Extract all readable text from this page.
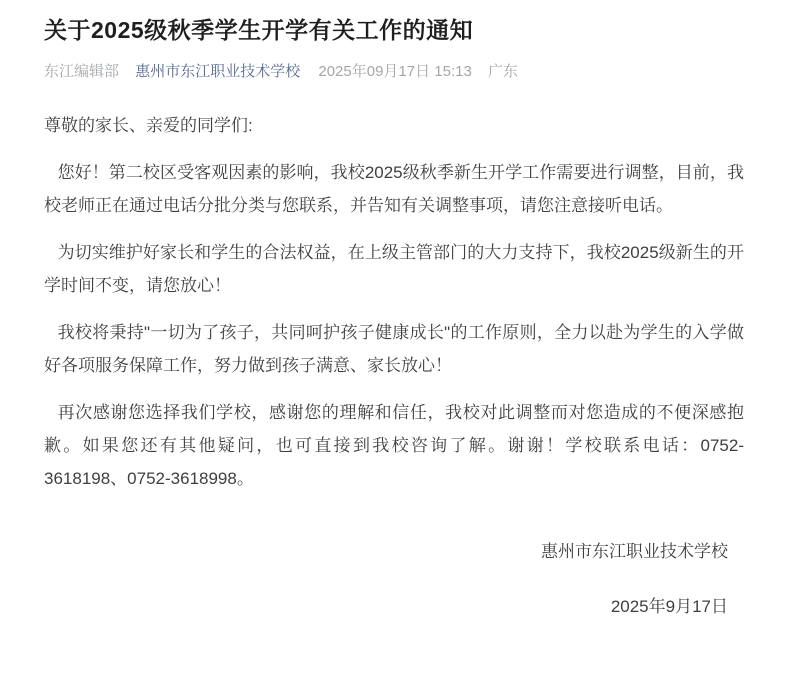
关于2025级秋季学生开学有关工作的通知
东江编辑部 惠州市东江职业技术学校 2025年09月17日 15:13 广东

尊敬的家长、亲爱的同学们:

您好！第二校区受客观因素的影响，我校2025级秋季新生开学工作需要进行调整，目前，我校老师正在通过电话分批分类与您联系，并告知有关调整事项，请您注意接听电话。

为切实维护好家长和学生的合法权益，在上级主管部门的大力支持下，我校2025级新生的开学时间不变，请您放心！

我校将秉持"一切为了孩子，共同呵护孩子健康成长"的工作原则，全力以赴为学生的入学做好各项服务保障工作，努力做到孩子满意、家长放心！

再次感谢您选择我们学校，感谢您的理解和信任，我校对此调整而对您造成的不便深感抱歉。如果您还有其他疑问，也可直接到我校咨询了解。谢谢！学校联系电话：0752-3618198、0752-3618998。

惠州市东江职业技术学校

2025年9月17日
